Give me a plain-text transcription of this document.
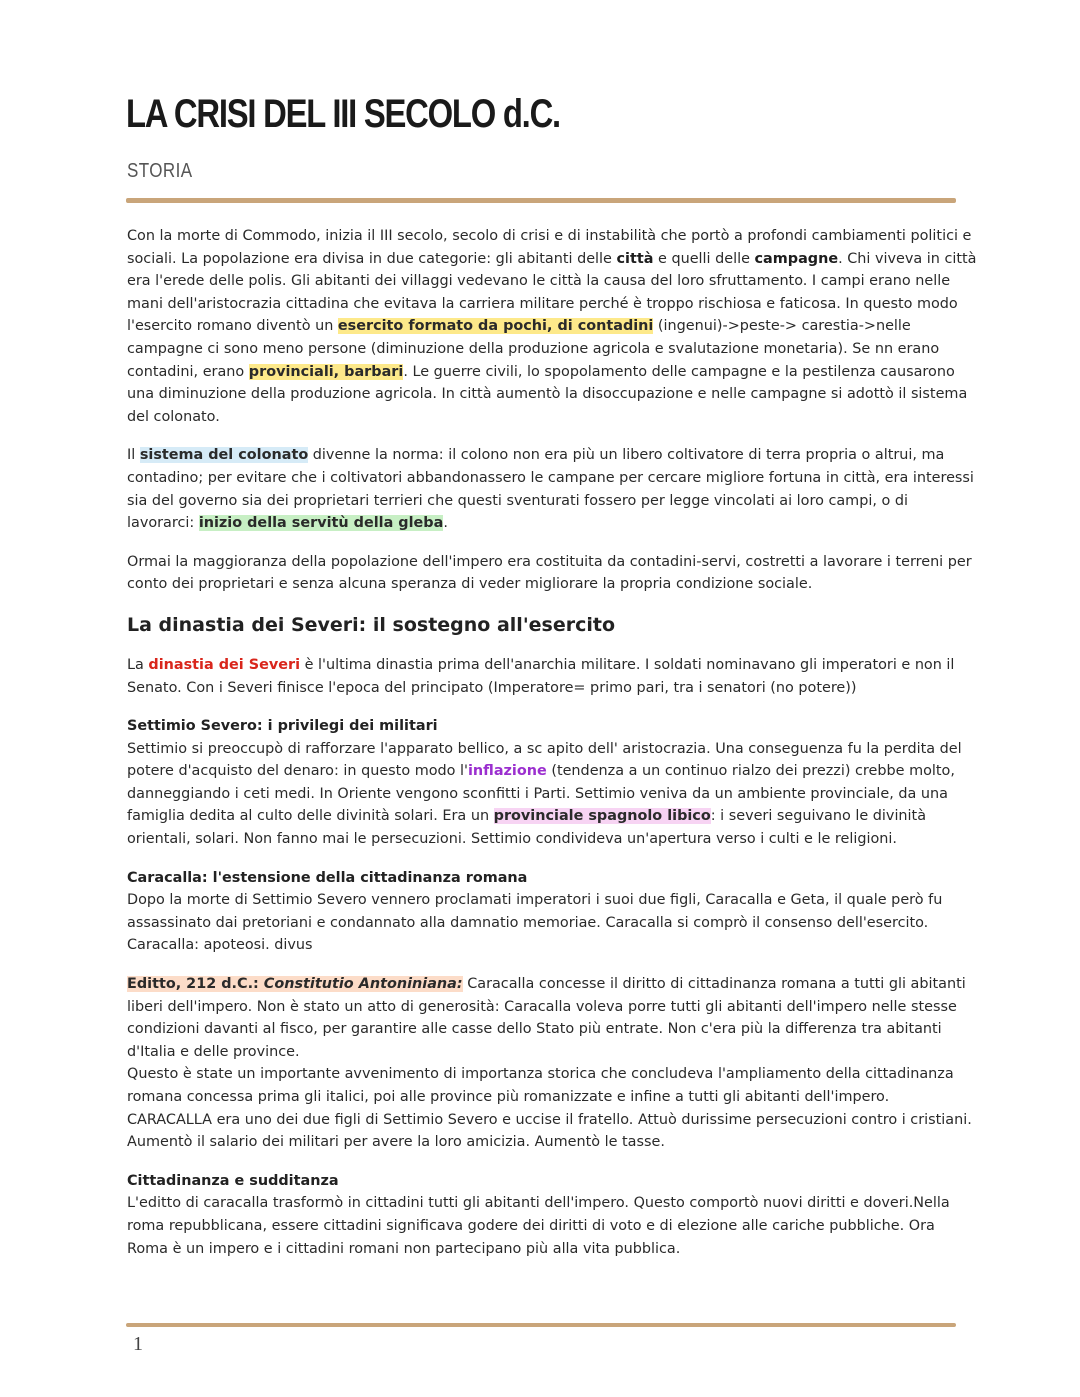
LA CRISI DEL III SECOLO d.C.
STORIA

Con la morte di Commodo, inizia il III secolo, secolo di crisi e di instabilità che portò a profondi cambiamenti politici e sociali. La popolazione era divisa in due categorie: gli abitanti delle città e quelli delle campagne. Chi viveva in città era l'erede delle polis. Gli abitanti dei villaggi vedevano le città la causa del loro sfruttamento. I campi erano nelle mani dell'aristocrazia cittadina che evitava la carriera militare perché è troppo rischiosa e faticosa. In questo modo l'esercito romano diventò un esercito formato da pochi, di contadini (ingenui)->peste-> carestia->nelle campagne ci sono meno persone (diminuzione della produzione agricola e svalutazione monetaria). Se nn erano contadini, erano provinciali, barbari. Le guerre civili, lo spopolamento delle campagne e la pestilenza causarono una diminuzione della produzione agricola. In città aumentò la disoccupazione e nelle campagne si adottò il sistema del colonato.

Il sistema del colonato divenne la norma: il colono non era più un libero coltivatore di terra propria o altrui, ma contadino; per evitare che i coltivatori abbandonassero le campane per cercare migliore fortuna in città, era interessi sia del governo sia dei proprietari terrieri che questi sventurati fossero per legge vincolati ai loro campi, o di lavorarci: inizio della servitù della gleba.

Ormai la maggioranza della popolazione dell'impero era costituita da contadini-servi, costretti a lavorare i terreni per conto dei proprietari e senza alcuna speranza di veder migliorare la propria condizione sociale.

La dinastia dei Severi: il sostegno all'esercito

La dinastia dei Severi è l'ultima dinastia prima dell'anarchia militare. I soldati nominavano gli imperatori e non il Senato. Con i Severi finisce l'epoca del principato (Imperatore= primo pari, tra i senatori (no potere))

Settimio Severo: i privilegi dei militari

Settimio si preoccupò di rafforzare l'apparato bellico, a sc apito dell' aristocrazia. Una conseguenza fu la perdita del potere d'acquisto del denaro: in questo modo l'inflazione (tendenza a un continuo rialzo dei prezzi) crebbe molto, danneggiando i ceti medi. In Oriente vengono sconfitti i Parti. Settimio veniva da un ambiente provinciale, da una famiglia dedita al culto delle divinità solari. Era un provinciale spagnolo libico: i severi seguivano le divinità orientali, solari. Non fanno mai le persecuzioni. Settimio condivideva un'apertura verso i culti e le religioni.

Caracalla: l'estensione della cittadinanza romana

Dopo la morte di Settimio Severo vennero proclamati imperatori i suoi due figli, Caracalla e Geta, il quale però fu assassinato dai pretoriani e condannato alla damnatio memoriae. Caracalla si comprò il consenso dell'esercito. Caracalla: apoteosi. divus

Editto, 212 d.C.: Constitutio Antoniniana: Caracalla concesse il diritto di cittadinanza romana a tutti gli abitanti liberi dell'impero. Non è stato un atto di generosità: Caracalla voleva porre tutti gli abitanti dell'impero nelle stesse condizioni davanti al fisco, per garantire alle casse dello Stato più entrate. Non c'era più la differenza tra abitanti d'Italia e delle province.

Questo è state un importante avvenimento di importanza storica che concludeva l'ampliamento della cittadinanza romana concessa prima gli italici, poi alle province più romanizzate e infine a tutti gli abitanti dell'impero. CARACALLA era uno dei due figli di Settimio Severo e uccise il fratello. Attuò durissime persecuzioni contro i cristiani. Aumentò il salario dei militari per avere la loro amicizia. Aumentò le tasse.

Cittadinanza e sudditanza

L'editto di caracalla trasformò in cittadini tutti gli abitanti dell'impero. Questo comportò nuovi diritti e doveri.Nella roma repubblicana, essere cittadini significava godere dei diritti di voto e di elezione alle cariche pubbliche. Ora Roma è un impero e i cittadini romani non partecipano più alla vita pubblica.

1
